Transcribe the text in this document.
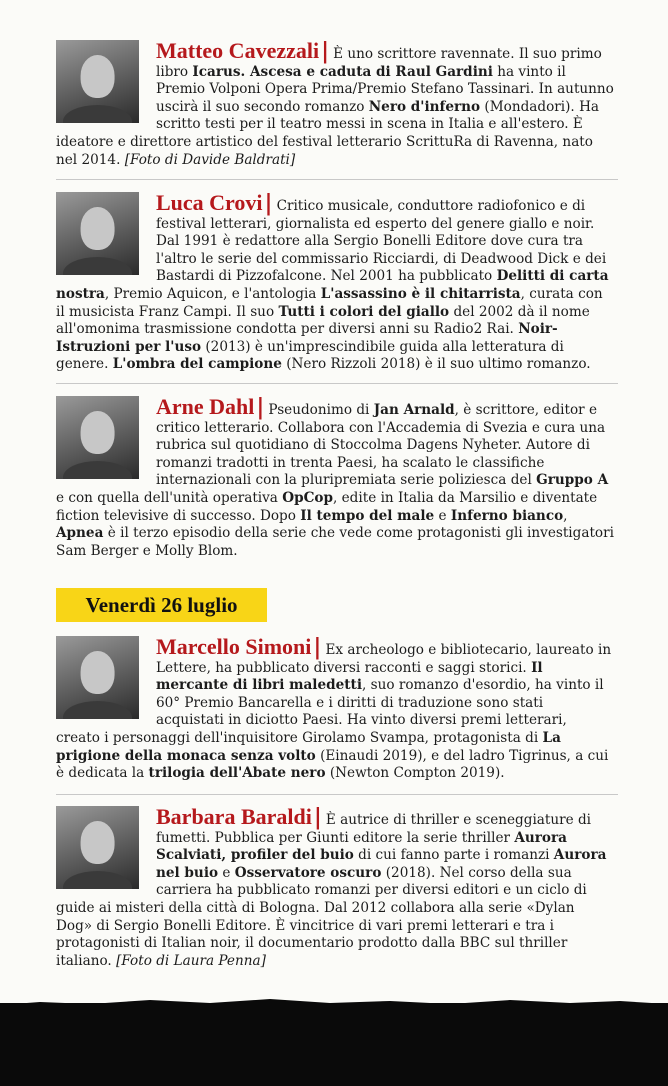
Matteo Cavezzali| È uno scrittore ravennate. Il suo primo libro Icarus. Ascesa e caduta di Raul Gardini ha vinto il Premio Volponi Opera Prima/Premio Stefano Tassinari. In autunno uscirà il suo secondo romanzo Nero d'inferno (Mondadori). Ha scritto testi per il teatro messi in scena in Italia e all'estero. È ideatore e direttore artistico del festival letterario ScrittuRa di Ravenna, nato nel 2014. [Foto di Davide Baldrati]

Luca Crovi| Critico musicale, conduttore radiofonico e di festival letterari, giornalista ed esperto del genere giallo e noir. Dal 1991 è redattore alla Sergio Bonelli Editore dove cura tra l'altro le serie del commissario Ricciardi, di Deadwood Dick e dei Bastardi di Pizzofalcone. Nel 2001 ha pubblicato Delitti di carta nostra, Premio Aquicon, e l'antologia L'assassino è il chitarrista, curata con il musicista Franz Campi. Il suo Tutti i colori del giallo del 2002 dà il nome all'omonima trasmissione condotta per diversi anni su Radio2 Rai. Noir-Istruzioni per l'uso (2013) è un'imprescindibile guida alla letteratura di genere. L'ombra del campione (Nero Rizzoli 2018) è il suo ultimo romanzo.

Arne Dahl| Pseudonimo di Jan Arnald, è scrittore, editor e critico letterario. Collabora con l'Accademia di Svezia e cura una rubrica sul quotidiano di Stoccolma Dagens Nyheter. Autore di romanzi tradotti in trenta Paesi, ha scalato le classifiche internazionali con la pluripremiata serie poliziesca del Gruppo A e con quella dell'unità operativa OpCop, edite in Italia da Marsilio e diventate fiction televisive di successo. Dopo Il tempo del male e Inferno bianco, Apnea è il terzo episodio della serie che vede come protagonisti gli investigatori Sam Berger e Molly Blom.

Venerdì 26 luglio

Marcello Simoni| Ex archeologo e bibliotecario, laureato in Lettere, ha pubblicato diversi racconti e saggi storici. Il mercante di libri maledetti, suo romanzo d'esordio, ha vinto il 60° Premio Bancarella e i diritti di traduzione sono stati acquistati in diciotto Paesi. Ha vinto diversi premi letterari, creato i personaggi dell'inquisitore Girolamo Svampa, protagonista di La prigione della monaca senza volto (Einaudi 2019), e del ladro Tigrinus, a cui è dedicata la trilogia dell'Abate nero (Newton Compton 2019).

Barbara Baraldi| È autrice di thriller e sceneggiature di fumetti. Pubblica per Giunti editore la serie thriller Aurora Scalviati, profiler del buio di cui fanno parte i romanzi Aurora nel buio e Osservatore oscuro (2018). Nel corso della sua carriera ha pubblicato romanzi per diversi editori e un ciclo di guide ai misteri della città di Bologna. Dal 2012 collabora alla serie «Dylan Dog» di Sergio Bonelli Editore. È vincitrice di vari premi letterari e tra i protagonisti di Italian noir, il documentario prodotto dalla BBC sul thriller italiano. [Foto di Laura Penna]
